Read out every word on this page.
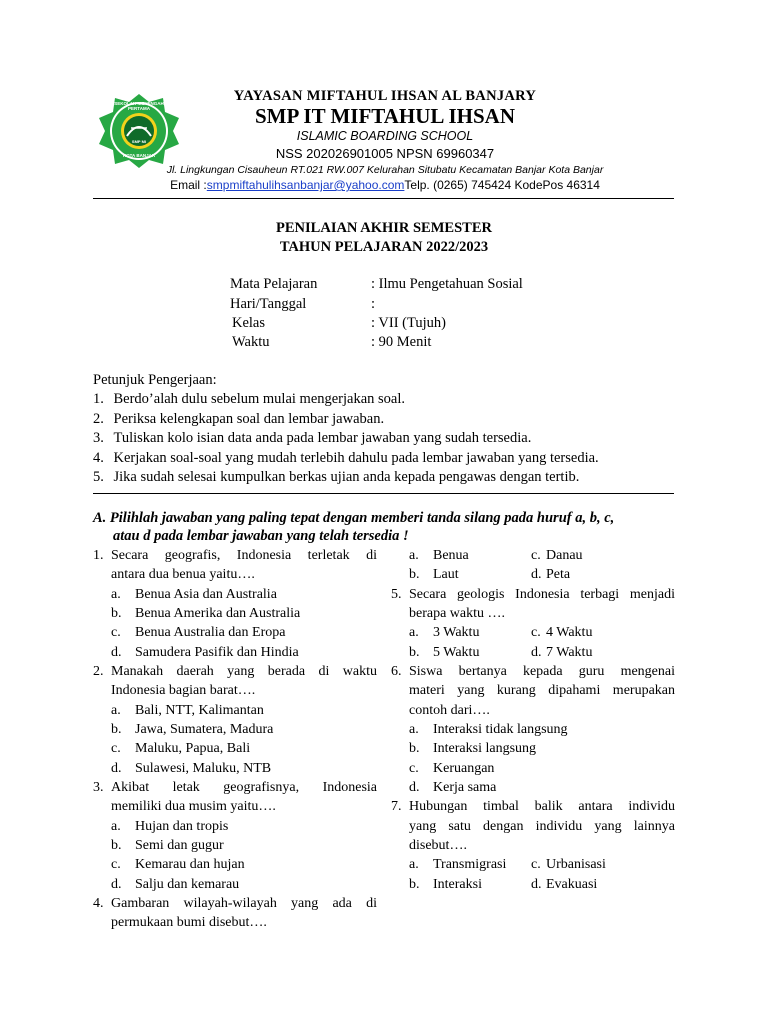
SEKOLAH MENENGAH PERTAMA
SMP MI
KOTA BANJAR
YAYASAN MIFTAHUL IHSAN AL BANJARY
SMP IT MIFTAHUL IHSAN
ISLAMIC BOARDING SCHOOL
NSS 202026901005 NPSN 69960347
Jl. Lingkungan Cisauheun RT.021 RW.007 Kelurahan Situbatu Kecamatan Banjar Kota Banjar
Email :smpmiftahulihsanbanjar@yahoo.comTelp. (0265) 745424 KodePos 46314
PENILAIAN AKHIR SEMESTER
TAHUN PELAJARAN 2022/2023
Mata Pelajaran	: Ilmu Pengetahuan Sosial
Hari/Tanggal	:
Kelas	: VII (Tujuh)
Waktu	: 90 Menit
Petunjuk Pengerjaan:
1. Berdo’alah dulu sebelum mulai mengerjakan soal.
2. Periksa kelengkapan soal dan lembar jawaban.
3. Tuliskan kolo isian data anda pada lembar jawaban yang sudah tersedia.
4. Kerjakan soal-soal yang mudah terlebih dahulu pada lembar jawaban yang tersedia.
5. Jika sudah selesai kumpulkan berkas ujian anda kepada pengawas dengan tertib.
A. Pilihlah jawaban yang paling tepat dengan memberi tanda silang pada huruf a, b, c,
atau d pada lembar jawaban yang telah tersedia !
1. Secara geografis, Indonesia terletak di
antara dua benua yaitu….
a. Benua Asia dan Australia
b. Benua Amerika dan Australia
c. Benua Australia dan Eropa
d. Samudera Pasifik dan Hindia
2. Manakah daerah yang berada di waktu
Indonesia bagian barat….
a. Bali, NTT, Kalimantan
b. Jawa, Sumatera, Madura
c. Maluku, Papua, Bali
d. Sulawesi, Maluku, NTB
3. Akibat letak geografisnya, Indonesia
memiliki dua musim yaitu….
a. Hujan dan tropis
b. Semi dan gugur
c. Kemarau dan hujan
d. Salju dan kemarau
4. Gambaran wilayah-wilayah yang ada di
permukaan bumi disebut….
a. Benua	c. Danau
b. Laut	d. Peta
5. Secara geologis Indonesia terbagi menjadi
berapa waktu ….
a. 3 Waktu	c. 4 Waktu
b. 5 Waktu	d. 7 Waktu
6. Siswa bertanya kepada guru mengenai
materi yang kurang dipahami merupakan
contoh dari….
a. Interaksi tidak langsung
b. Interaksi langsung
c. Keruangan
d. Kerja sama
7. Hubungan timbal balik antara individu
yang satu dengan individu yang lainnya
disebut….
a. Transmigrasi c. Urbanisasi
b. Interaksi	d. Evakuasi
